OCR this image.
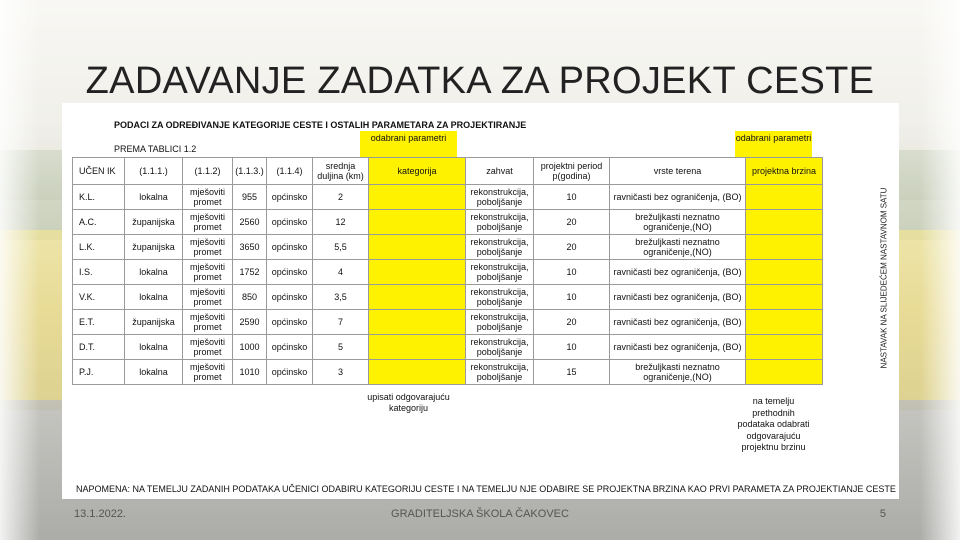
ZADAVANJE ZADATKA ZA PROJEKT CESTE
PODACI ZA ODREĐIVANJE KATEGORIJE CESTE I OSTALIH PARAMETARA ZA PROJEKTIRANJE
PREMA TABLICI 1.2
odabrani parametri	odabrani parametri
UČEN IK	(1.1.1.)	(1.1.2)	(1.1.3.)	(1.1.4)	srednja duljina (km)	kategorija	zahvat	projektni period p(godina)	vrste terena	projektna brzina
K.L.	lokalna	mješoviti promet	955	općinsko	2		rekonstrukcija, poboljšanje	10	ravničasti bez ograničenja, (BO)	
A.C.	županijska	mješoviti promet	2560	općinsko	12		rekonstrukcija, poboljšanje	20	brežuljkasti neznatno ograničenje,(NO)	
L.K.	županijska	mješoviti promet	3650	općinsko	5,5		rekonstrukcija, poboljšanje	20	brežuljkasti neznatno ograničenje,(NO)	
I.S.	lokalna	mješoviti promet	1752	općinsko	4		rekonstrukcija, poboljšanje	10	ravničasti bez ograničenja, (BO)	
V.K.	lokalna	mješoviti promet	850	općinsko	3,5		rekonstrukcija, poboljšanje	10	ravničasti bez ograničenja, (BO)	
E.T.	županijska	mješoviti promet	2590	općinsko	7		rekonstrukcija, poboljšanje	20	ravničasti bez ograničenja, (BO)	
D.T.	lokalna	mješoviti promet	1000	općinsko	5		rekonstrukcija, poboljšanje	10	ravničasti bez ograničenja, (BO)	
P.J.	lokalna	mješoviti promet	1010	općinsko	3		rekonstrukcija, poboljšanje	15	brežuljkasti neznatno ograničenje,(NO)	
upisati odgovarajuću kategoriju
na temelju prethodnih podataka odabrati odgovarajuću projektnu brzinu
NAPOMENA: NA TEMELJU ZADANIH PODATAKA UČENICI ODABIRU KATEGORIJU CESTE I NA TEMELJU NJE ODABIRE SE PROJEKTNA BRZINA KAO PRVI PARAMETA ZA PROJEKTIANJE CESTE
NASTAVAK NA SLIJEDEĆEM NASTAVNOM SATU
13.1.2022.	GRADITELJSKA ŠKOLA ČAKOVEC	5
